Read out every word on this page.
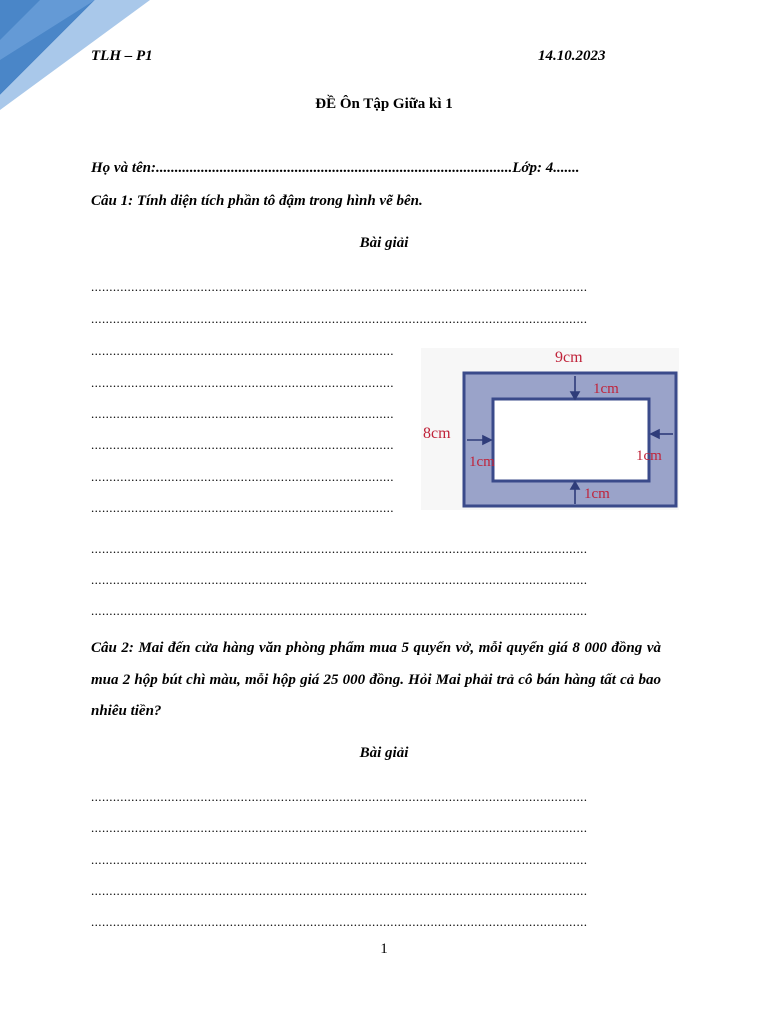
TLH – P1	14.10.2023
ĐỀ Ôn Tập Giữa kì 1
Họ và tên:...............................................................................................Lớp: 4.......
Câu 1: Tính diện tích phần tô đậm trong hình vẽ bên.
Bài giải
........................................................................................................................................
........................................................................................................................................
...................................................................................
...................................................................................
...................................................................................
...................................................................................
...................................................................................
...................................................................................
........................................................................................................................................
........................................................................................................................................
........................................................................................................................................
9cm
8cm
1cm
1cm	1cm
1cm
Câu 2: Mai đến cửa hàng văn phòng phẩm mua 5 quyển vở, mỗi quyển giá 8 000 đồng và mua 2 hộp bút chì màu, mỗi hộp giá 25 000 đồng. Hỏi Mai phải trả cô bán hàng tất cả bao nhiêu tiền?
Bài giải
........................................................................................................................................
........................................................................................................................................
........................................................................................................................................
........................................................................................................................................
........................................................................................................................................
1
